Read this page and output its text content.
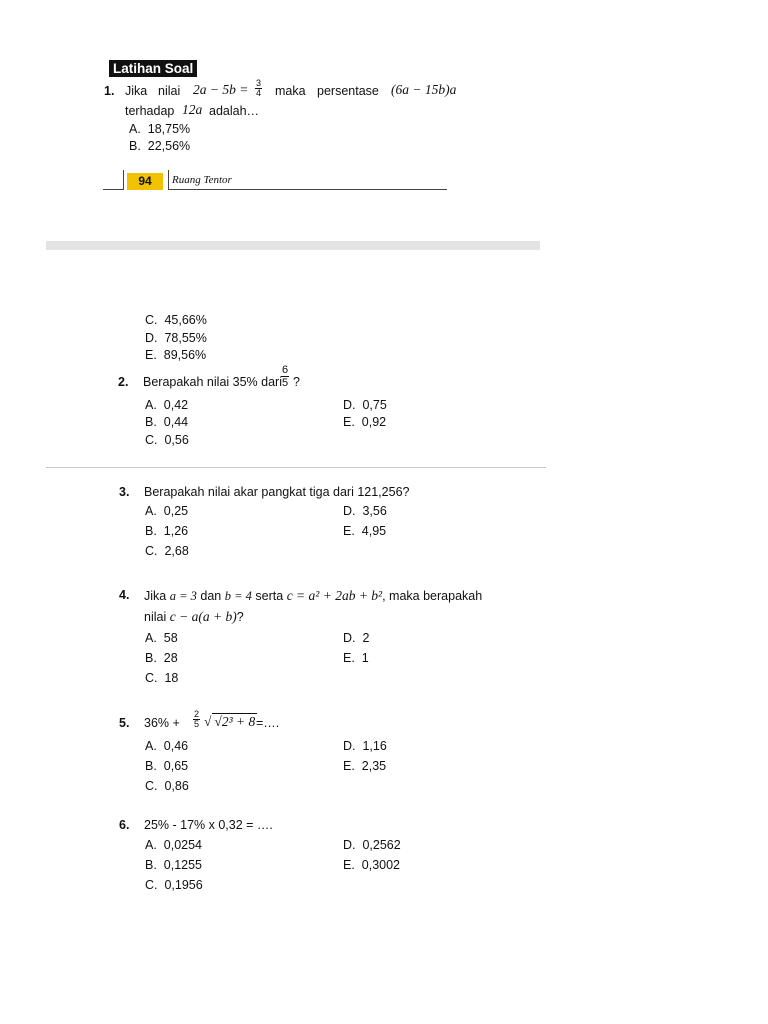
Latihan Soal
1. Jika nilai $2a - 5b = \frac{3}{4}$ maka persentase (6a − 15b)a
terhadap 12a adalah…
A. 18,75%
B. 22,56%
94	Ruang Tentor
C. 45,66%
D. 78,55%
E. 89,56%
2. Berapakah nilai 35% dari $\frac{6}{5}$ ?
A. 0,42
B. 0,44
C. 0,56
D. 0,75
E. 0,92
3. Berapakah nilai akar pangkat tiga dari 121,256?
A. 0,25
B. 1,26
C. 2,68
D. 3,56
E. 4,95
4. Jika a = 3 dan b = 4 serta c = a² + 2ab + b², maka berapakah
nilai c − a(a + b)?
A. 58
B. 28
C. 18
D. 2
E. 1
5. $36\% + \frac{2}{5}$ √ √2³ + 8 =….
A. 0,46
B. 0,65
C. 0,86
D. 1,16
E. 2,35
6. 25% - 17% x 0,32 = ….
A. 0,0254
B. 0,1255
C. 0,1956
D. 0,2562
E. 0,3002
